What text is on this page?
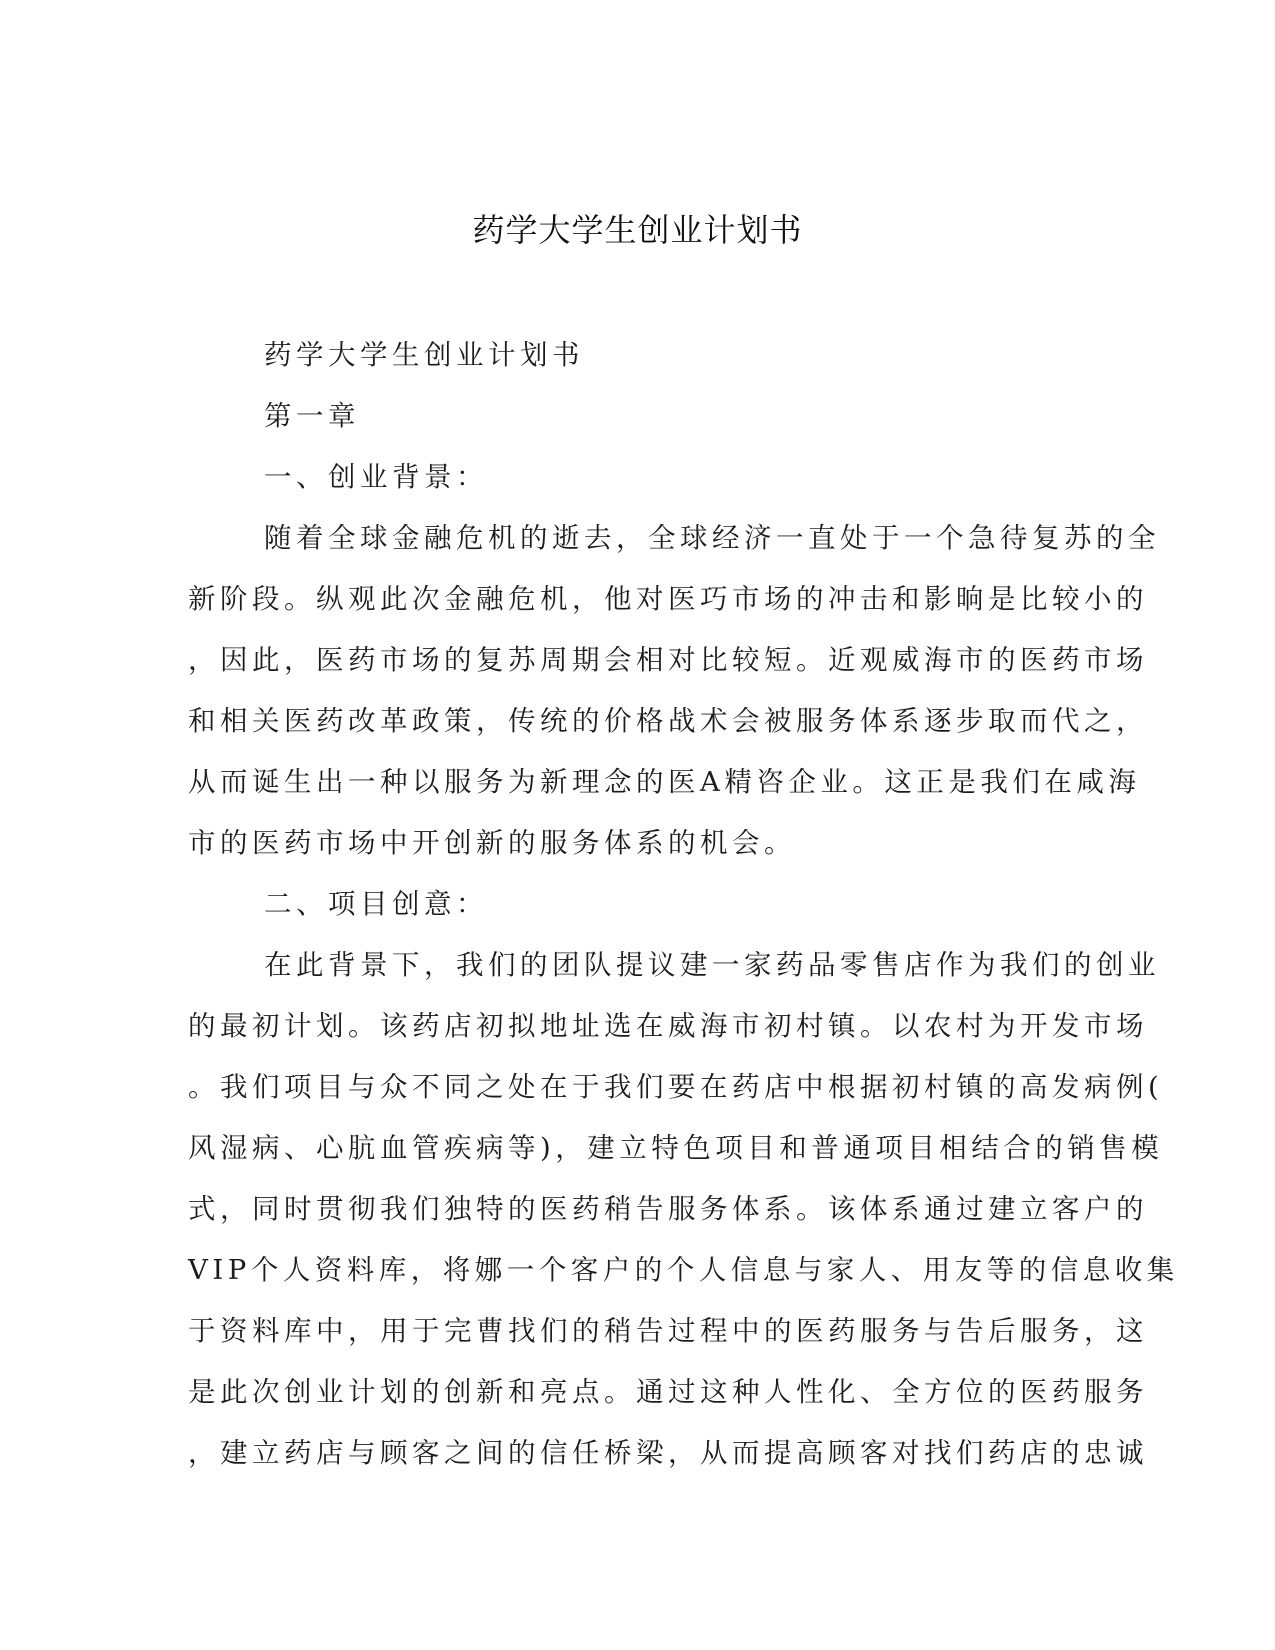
药学大学生创业计划书
药学大学生创业计划书
第一章
一、创业背景：
随着全球金融危机的逝去，全球经济一直处于一个急待复苏的全
新阶段。纵观此次金融危机，他对医巧市场的冲击和影晌是比较小的
，因此，医药市场的复苏周期会相对比较短。近观威海市的医药市场
和相关医药改革政策，传统的价格战术会被服务体系逐步取而代之，
从而诞生出一种以服务为新理念的医A精咨企业。这正是我们在咸海
市的医药市场中开创新的服务体系的机会。
二、项目创意：
在此背景下，我们的团队提议建一家药品零售店作为我们的创业
的最初计划。该药店初拟地址选在威海市初村镇。以农村为开发市场
。我们项目与众不同之处在于我们要在药店中根据初村镇的高发病例(
风湿病、心肮血管疾病等)，建立特色项目和普通项目相结合的销售模
式，同时贯彻我们独特的医药稍告服务体系。该体系通过建立客户的
VIP个人资料库，将娜一个客户的个人信息与家人、用友等的信息收集
于资料库中，用于完曹找们的稍告过程中的医药服务与告后服务，这
是此次创业计划的创新和亮点。通过这种人性化、全方位的医药服务
，建立药店与顾客之间的信任桥梁，从而提高顾客对找们药店的忠诚
